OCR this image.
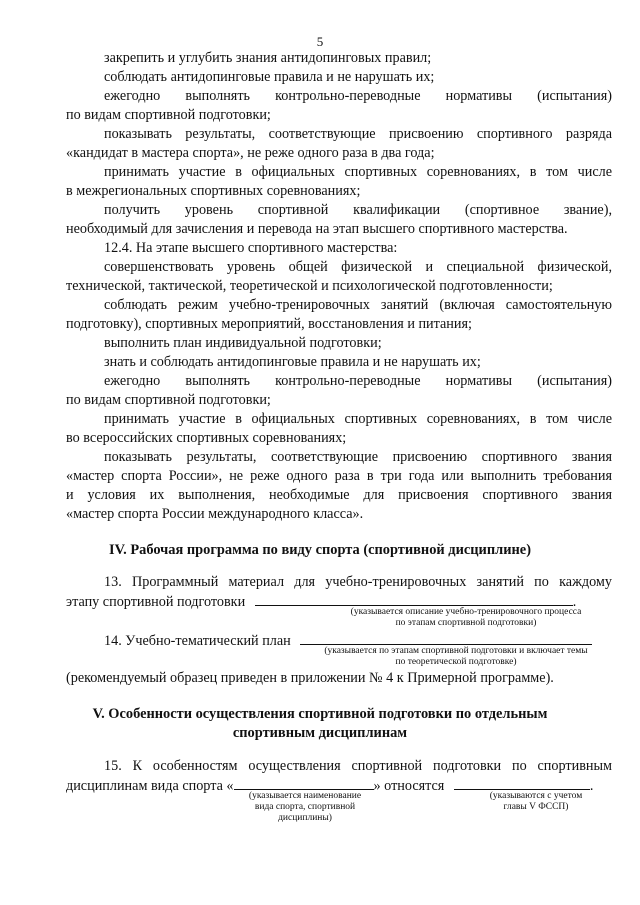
5
закрепить и углубить знания антидопинговых правил;
соблюдать антидопинговые правила и не нарушать их;
ежегодно выполнять контрольно-переводные нормативы (испытания)
по видам спортивной подготовки;
показывать результаты, соответствующие присвоению спортивного разряда
«кандидат в мастера спорта», не реже одного раза в два года;
принимать участие в официальных спортивных соревнованиях, в том числе
в межрегиональных спортивных соревнованиях;
получить уровень спортивной квалификации (спортивное звание),
необходимый для зачисления и перевода на этап высшего спортивного мастерства.
12.4. На этапе высшего спортивного мастерства:
совершенствовать уровень общей физической и специальной физической,
технической, тактической, теоретической и психологической подготовленности;
соблюдать режим учебно-тренировочных занятий (включая самостоятельную
подготовку), спортивных мероприятий, восстановления и питания;
выполнить план индивидуальной подготовки;
знать и соблюдать антидопинговые правила и не нарушать их;
ежегодно выполнять контрольно-переводные нормативы (испытания)
по видам спортивной подготовки;
принимать участие в официальных спортивных соревнованиях, в том числе
во всероссийских спортивных соревнованиях;
показывать результаты, соответствующие присвоению спортивного звания
«мастер спорта России», не реже одного раза в три года или выполнить требования
и условия их выполнения, необходимые для присвоения спортивного звания
«мастер спорта России международного класса».
IV. Рабочая программа по виду спорта (спортивной дисциплине)
13. Программный материал для учебно-тренировочных занятий по каждому
этапу спортивной подготовки	.
(указывается описание учебно-тренировочного процесса
по этапам спортивной подготовки)
14. Учебно-тематический план
(указывается по этапам спортивной подготовки и включает темы
по теоретической подготовке)
(рекомендуемый образец приведен в приложении № 4 к Примерной программе).
V. Особенности осуществления спортивной подготовки по отдельным
спортивным дисциплинам
15. К особенностям осуществления спортивной подготовки по спортивным
дисциплинам вида спорта «	» относятся	.
(указывается наименование
вида спорта, спортивной
дисциплины)
(указываются с учетом
главы V ФССП)
